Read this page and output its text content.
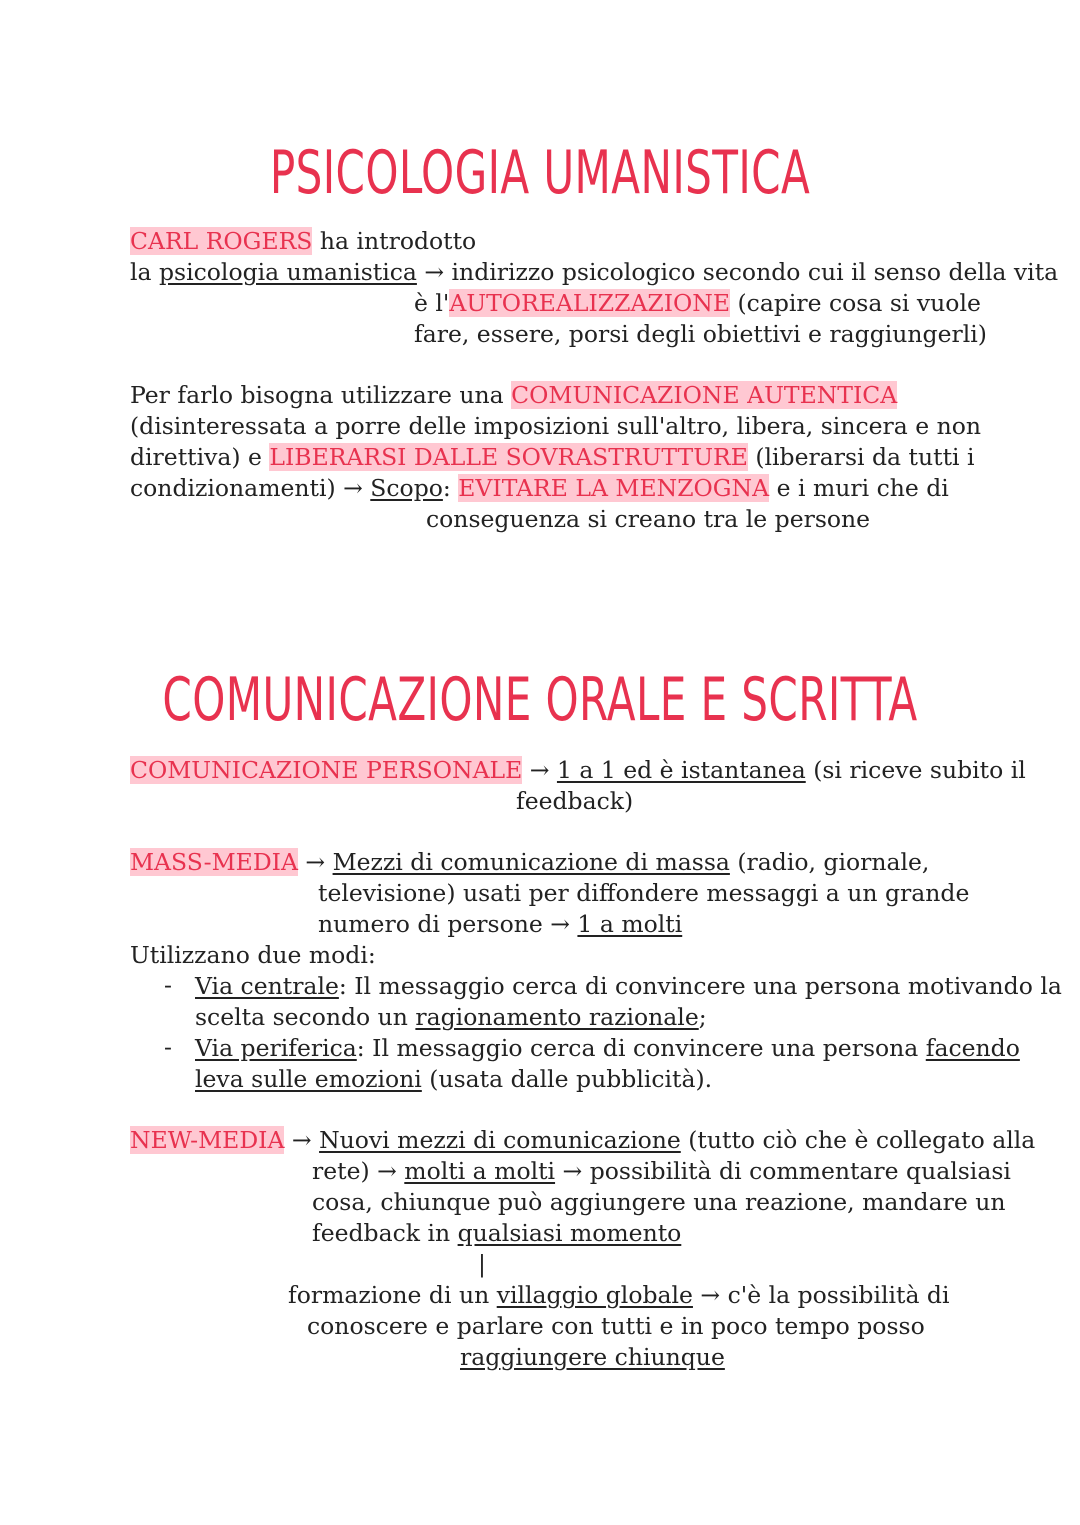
PSICOLOGIA UMANISTICA
CARL ROGERS ha introdotto
la psicologia umanistica → indirizzo psicologico secondo cui il senso della vita
è l'AUTOREALIZZAZIONE (capire cosa si vuole
fare, essere, porsi degli obiettivi e raggiungerli)
Per farlo bisogna utilizzare una COMUNICAZIONE AUTENTICA
(disinteressata a porre delle imposizioni sull'altro, libera, sincera e non
direttiva) e LIBERARSI DALLE SOVRASTRUTTURE (liberarsi da tutti i
condizionamenti) → Scopo: EVITARE LA MENZOGNA e i muri che di
conseguenza si creano tra le persone
COMUNICAZIONE ORALE E SCRITTA
COMUNICAZIONE PERSONALE → 1 a 1 ed è istantanea (si riceve subito il
feedback)
MASS-MEDIA → Mezzi di comunicazione di massa (radio, giornale,
televisione) usati per diffondere messaggi a un grande
numero di persone → 1 a molti
Utilizzano due modi:
- Via centrale: Il messaggio cerca di convincere una persona motivando la
scelta secondo un ragionamento razionale;
- Via periferica: Il messaggio cerca di convincere una persona facendo
leva sulle emozioni (usata dalle pubblicità).
NEW-MEDIA → Nuovi mezzi di comunicazione (tutto ciò che è collegato alla
rete) → molti a molti → possibilità di commentare qualsiasi
cosa, chiunque può aggiungere una reazione, mandare un
feedback in qualsiasi momento
|
formazione di un villaggio globale → c'è la possibilità di
conoscere e parlare con tutti e in poco tempo posso
raggiungere chiunque
